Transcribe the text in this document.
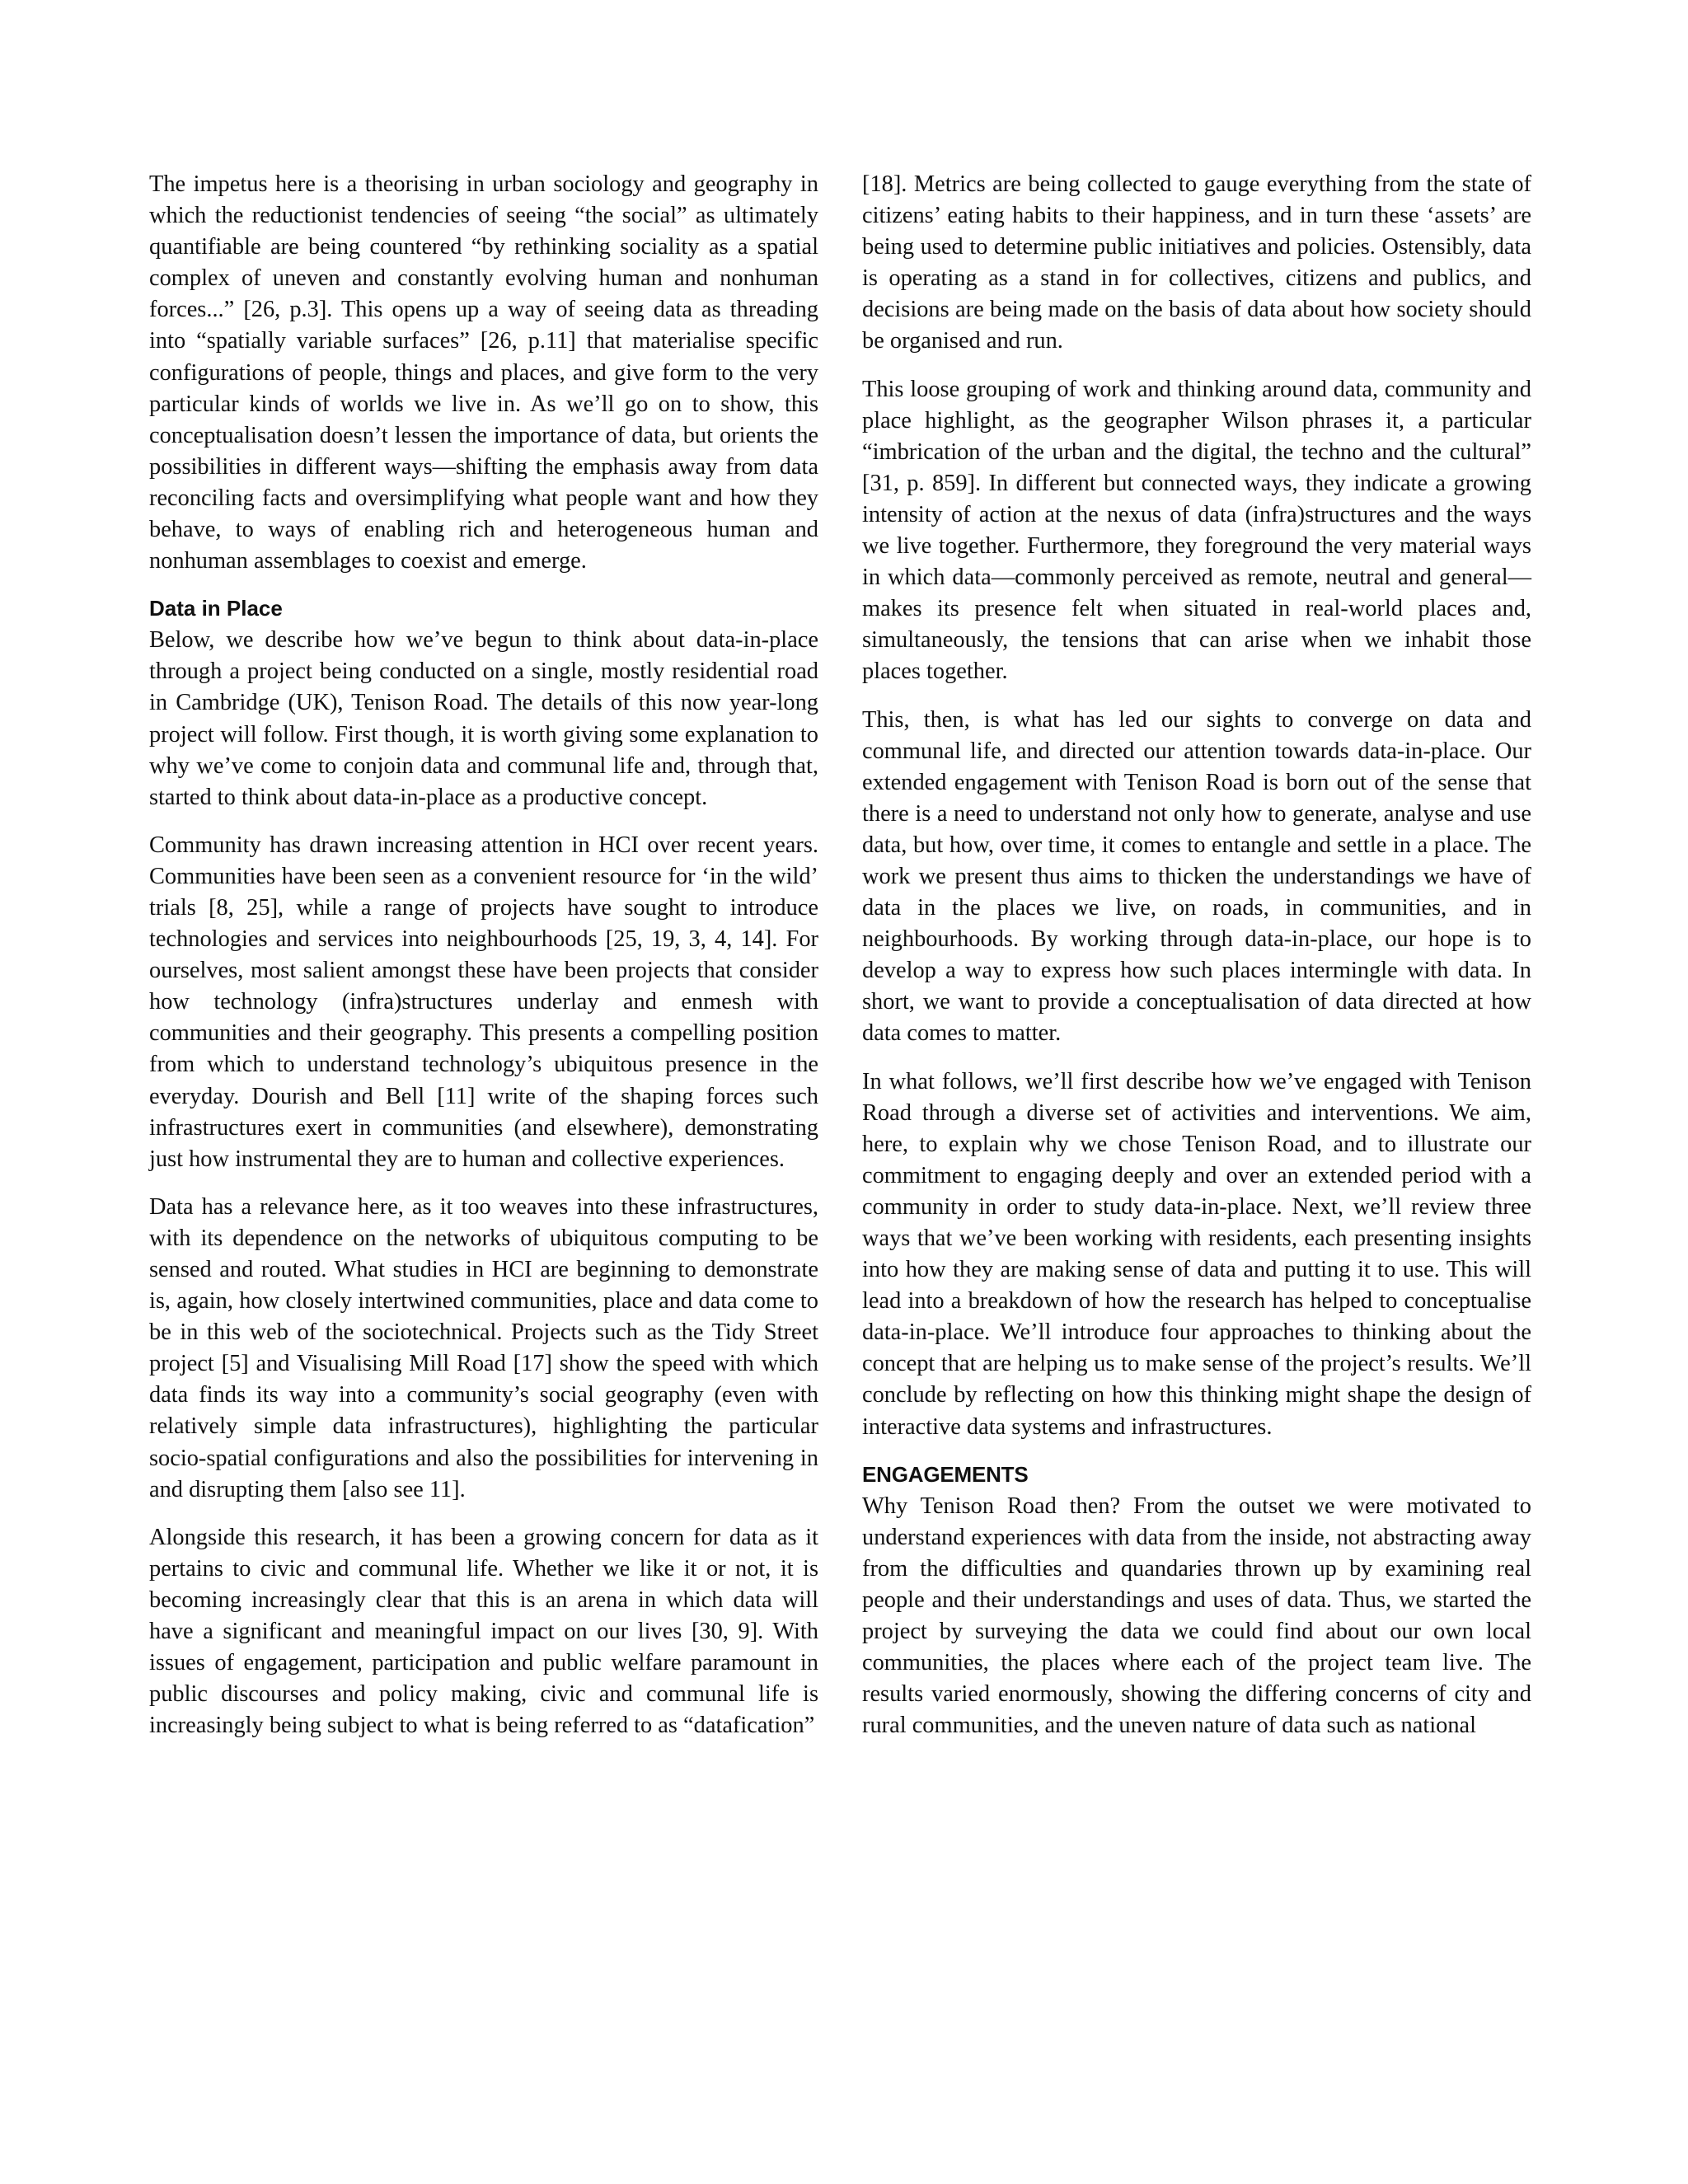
The impetus here is a theorising in urban sociology and geography in which the reductionist tendencies of seeing “the social” as ultimately quantifiable are being countered “by rethinking sociality as a spatial complex of uneven and constantly evolving human and nonhuman forces...” [26, p.3]. This opens up a way of seeing data as threading into “spatially variable surfaces” [26, p.11] that materialise specific configurations of people, things and places, and give form to the very particular kinds of worlds we live in. As we’ll go on to show, this conceptualisation doesn’t lessen the importance of data, but orients the possibilities in different ways—shifting the emphasis away from data reconciling facts and oversimplifying what people want and how they behave, to ways of enabling rich and heterogeneous human and nonhuman assemblages to coexist and emerge.

Data in Place

Below, we describe how we’ve begun to think about data-in-place through a project being conducted on a single, mostly residential road in Cambridge (UK), Tenison Road. The details of this now year-long project will follow. First though, it is worth giving some explanation to why we’ve come to conjoin data and communal life and, through that, started to think about data-in-place as a productive concept.

Community has drawn increasing attention in HCI over recent years. Communities have been seen as a convenient resource for ‘in the wild’ trials [8, 25], while a range of projects have sought to introduce technologies and services into neighbourhoods [25, 19, 3, 4, 14]. For ourselves, most salient amongst these have been projects that consider how technology (infra)structures underlay and enmesh with communities and their geography. This presents a compelling position from which to understand technology’s ubiquitous presence in the everyday. Dourish and Bell [11] write of the shaping forces such infrastructures exert in communities (and elsewhere), demonstrating just how instrumental they are to human and collective experiences.

Data has a relevance here, as it too weaves into these infrastructures, with its dependence on the networks of ubiquitous computing to be sensed and routed. What studies in HCI are beginning to demonstrate is, again, how closely intertwined communities, place and data come to be in this web of the sociotechnical. Projects such as the Tidy Street project [5] and Visualising Mill Road [17] show the speed with which data finds its way into a community’s social geography (even with relatively simple data infrastructures), highlighting the particular socio-spatial configurations and also the possibilities for intervening in and disrupting them [also see 11].

Alongside this research, it has been a growing concern for data as it pertains to civic and communal life. Whether we like it or not, it is becoming increasingly clear that this is an arena in which data will have a significant and meaningful impact on our lives [30, 9]. With issues of engagement, participation and public welfare paramount in public discourses and policy making, civic and communal life is increasingly being subject to what is being referred to as “datafication”

[18]. Metrics are being collected to gauge everything from the state of citizens’ eating habits to their happiness, and in turn these ‘assets’ are being used to determine public initiatives and policies. Ostensibly, data is operating as a stand in for collectives, citizens and publics, and decisions are being made on the basis of data about how society should be organised and run.

This loose grouping of work and thinking around data, community and place highlight, as the geographer Wilson phrases it, a particular “imbrication of the urban and the digital, the techno and the cultural” [31, p. 859]. In different but connected ways, they indicate a growing intensity of action at the nexus of data (infra)structures and the ways we live together. Furthermore, they foreground the very material ways in which data—commonly perceived as remote, neutral and general—makes its presence felt when situated in real-world places and, simultaneously, the tensions that can arise when we inhabit those places together.

This, then, is what has led our sights to converge on data and communal life, and directed our attention towards data-in-place. Our extended engagement with Tenison Road is born out of the sense that there is a need to understand not only how to generate, analyse and use data, but how, over time, it comes to entangle and settle in a place. The work we present thus aims to thicken the understandings we have of data in the places we live, on roads, in communities, and in neighbourhoods. By working through data-in-place, our hope is to develop a way to express how such places intermingle with data. In short, we want to provide a conceptualisation of data directed at how data comes to matter.

In what follows, we’ll first describe how we’ve engaged with Tenison Road through a diverse set of activities and interventions. We aim, here, to explain why we chose Tenison Road, and to illustrate our commitment to engaging deeply and over an extended period with a community in order to study data-in-place. Next, we’ll review three ways that we’ve been working with residents, each presenting insights into how they are making sense of data and putting it to use. This will lead into a breakdown of how the research has helped to conceptualise data-in-place. We’ll introduce four approaches to thinking about the concept that are helping us to make sense of the project’s results. We’ll conclude by reflecting on how this thinking might shape the design of interactive data systems and infrastructures.

ENGAGEMENTS

Why Tenison Road then? From the outset we were motivated to understand experiences with data from the inside, not abstracting away from the difficulties and quandaries thrown up by examining real people and their understandings and uses of data. Thus, we started the project by surveying the data we could find about our own local communities, the places where each of the project team live. The results varied enormously, showing the differing concerns of city and rural communities, and the uneven nature of data such as national
